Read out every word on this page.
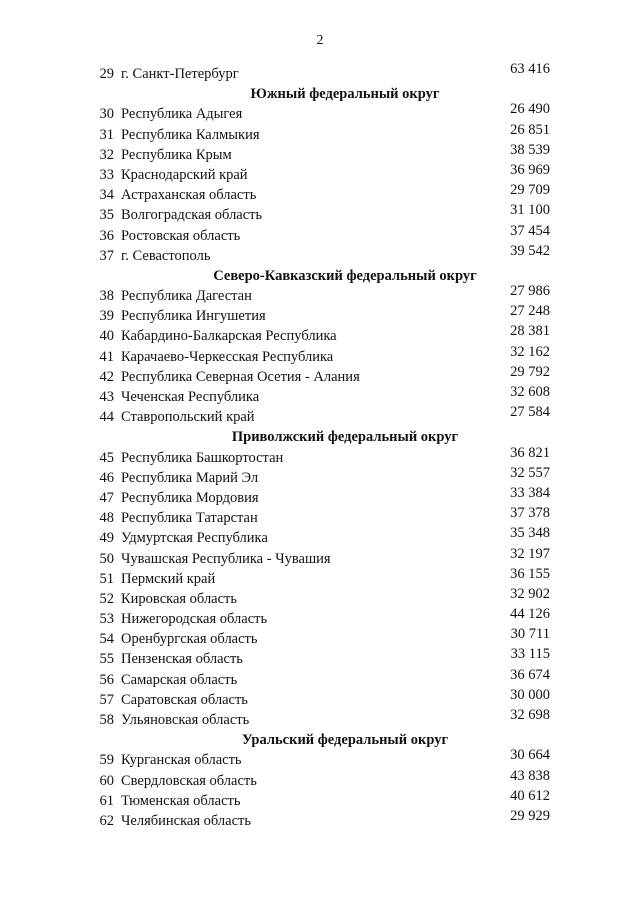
2
29 г. Санкт-Петербург	63 416
Южный федеральный округ
30 Республика Адыгея	26 490
31 Республика Калмыкия	26 851
32 Республика Крым	38 539
33 Краснодарский край	36 969
34 Астраханская область	29 709
35 Волгоградская область	31 100
36 Ростовская область	37 454
37 г. Севастополь	39 542
Северо-Кавказский федеральный округ
38 Республика Дагестан	27 986
39 Республика Ингушетия	27 248
40 Кабардино-Балкарская Республика	28 381
41 Карачаево-Черкесская Республика	32 162
42 Республика Северная Осетия - Алания	29 792
43 Чеченская Республика	32 608
44 Ставропольский край	27 584
Приволжский федеральный округ
45 Республика Башкортостан	36 821
46 Республика Марий Эл	32 557
47 Республика Мордовия	33 384
48 Республика Татарстан	37 378
49 Удмуртская Республика	35 348
50 Чувашская Республика - Чувашия	32 197
51 Пермский край	36 155
52 Кировская область	32 902
53 Нижегородская область	44 126
54 Оренбургская область	30 711
55 Пензенская область	33 115
56 Самарская область	36 674
57 Саратовская область	30 000
58 Ульяновская область	32 698
Уральский федеральный округ
59 Курганская область	30 664
60 Свердловская область	43 838
61 Тюменская область	40 612
62 Челябинская область	29 929
